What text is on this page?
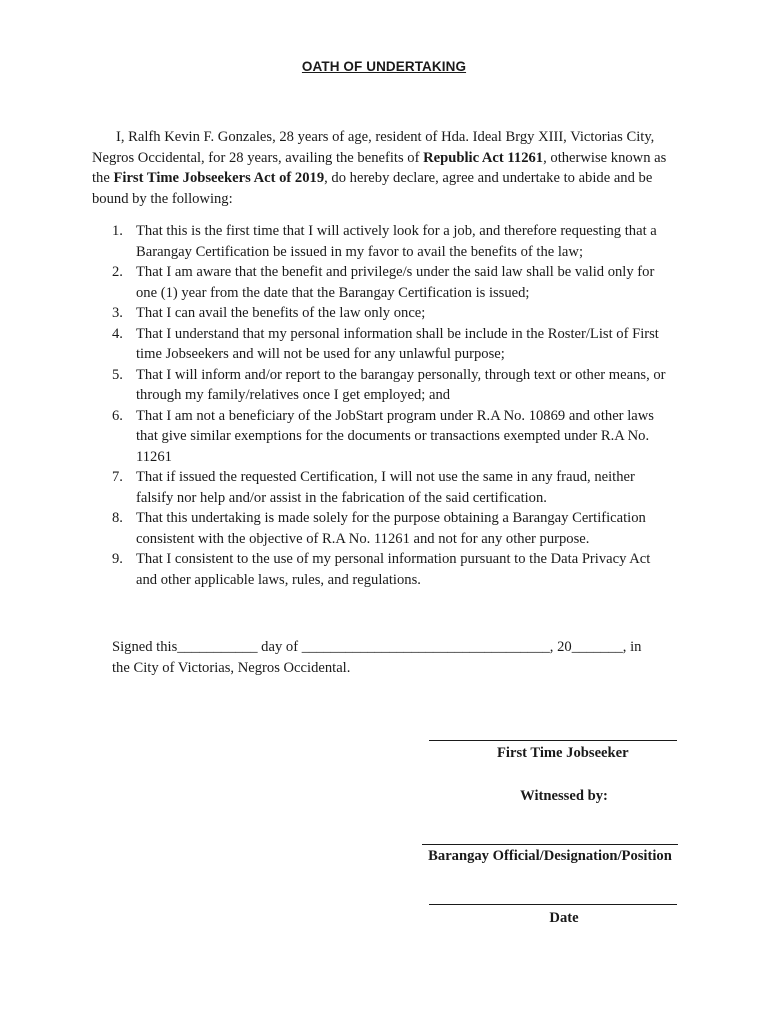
OATH OF UNDERTAKING

I, Ralfh Kevin F. Gonzales, 28 years of age, resident of Hda. Ideal Brgy XIII, Victorias City, Negros Occidental, for 28 years, availing the benefits of Republic Act 11261, otherwise known as the First Time Jobseekers Act of 2019, do hereby declare, agree and undertake to abide and be bound by the following:

1. That this is the first time that I will actively look for a job, and therefore requesting that a Barangay Certification be issued in my favor to avail the benefits of the law;
2. That I am aware that the benefit and privilege/s under the said law shall be valid only for one (1) year from the date that the Barangay Certification is issued;
3. That I can avail the benefits of the law only once;
4. That I understand that my personal information shall be include in the Roster/List of First time Jobseekers and will not be used for any unlawful purpose;
5. That I will inform and/or report to the barangay personally, through text or other means, or through my family/relatives once I get employed; and
6. That I am not a beneficiary of the JobStart program under R.A No. 10869 and other laws that give similar exemptions for the documents or transactions exempted under R.A No. 11261
7. That if issued the requested Certification, I will not use the same in any fraud, neither falsify nor help and/or assist in the fabrication of the said certification.
8. That this undertaking is made solely for the purpose obtaining a Barangay Certification consistent with the objective of R.A No. 11261 and not for any other purpose.
9. That I consistent to the use of my personal information pursuant to the Data Privacy Act and other applicable laws, rules, and regulations.
Signed this___________ day of __________________________________, 20_______, in
the City of Victorias, Negros Occidental.
First Time Jobseeker
Witnessed by:
Barangay Official/Designation/Position
Date
